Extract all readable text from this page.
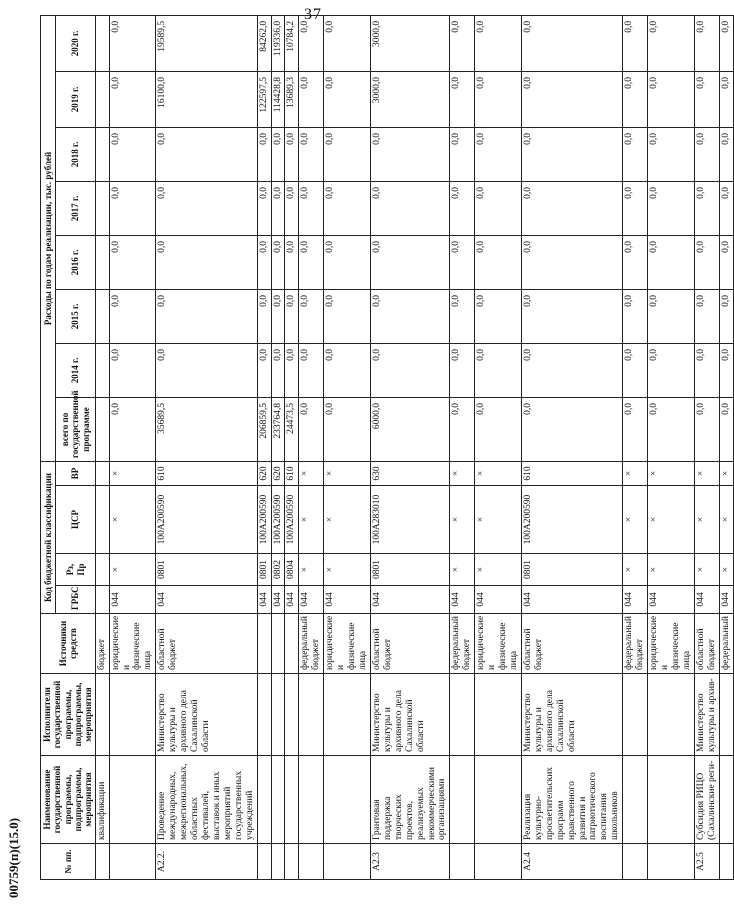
37
00759(п)(15.0)	№ пп.	Наименование государственной программы, подпрограммы, мероприятия	Исполнители государственной программы, подпрограммы, мероприятия	Источники средств	Код бюджетной классификации				Расходы по годам реализации, тыс. рублей							
				ГРБС	Рз, Пр	ЦСР	ВР	всего по государственной программе	2014 г.	2015 г.	2016 г.	2017 г.	2018 г.	2019 г.	2020 г.
	квалификации		бюджет												
			юридические и физические лица	044	×	×	×	0,0	0,0	0,0	0,0	0,0	0,0	0,0	0,0
А2.2.	Проведение международных, межрегиональных, областных фестивалей, выставок и иных мероприятий государственных учреждений	Министерство культуры и архивного дела Сахалинской области	областной бюджет	044	0801	100А200590	610	35689,5	0,0	0,0	0,0	0,0	0,0	16100,0	19589,5
				044	0801	100А200590	620	206859,5	0,0	0,0	0,0	0,0	0,0	122597,5	84262,0
				044	0802	100А200590	620	233764,8	0,0	0,0	0,0	0,0	0,0	114428,8	119336,0
				044	0804	100А200590	610	24473,5	0,0	0,0	0,0	0,0	0,0	13689,3	10784,2
			федеральный бюджет	044	×	×	×	0,0	0,0	0,0	0,0	0,0	0,0	0,0	0,0
			юридические и физические лица	044	×	×	×	0,0	0,0	0,0	0,0	0,0	0,0	0,0	0,0
А2.3	Грантовая поддержка творческих проектов, реализуемых некоммерческими организациями	Министерство культуры и архивного дела Сахалинской области	областной бюджет	044	0801	100А283010	630	6000,0	0,0	0,0	0,0	0,0	0,0	3000,0	3000,0
			федеральный бюджет	044	×	×	×	0,0	0,0	0,0	0,0	0,0	0,0	0,0	0,0
			юридические и физические лица	044	×	×	×	0,0	0,0	0,0	0,0	0,0	0,0	0,0	0,0
А2.4	Реализация культурно-просветительских программ нравственного развития и патриотического воспитания школьников	Министерство культуры и архивного дела Сахалинской области	областной бюджет	044	0801	100А200590	610	0,0	0,0	0,0	0,0	0,0	0,0	0,0	0,0
			федеральный бюджет	044	×	×	×	0,0	0,0	0,0	0,0	0,0	0,0	0,0	0,0
			юридические и физические лица	044	×	×	×	0,0	0,0	0,0	0,0	0,0	0,0	0,0	0,0
А2.5	Субсидия РИЦО (Сахалинские реги-	Министерство культуры и архив-	областной бюджет	044	×	×	×	0,0	0,0	0,0	0,0	0,0	0,0	0,0	0,0
			федеральный	044	×	×	×	0,0	0,0	0,0	0,0	0,0	0,0	0,0	0,0
